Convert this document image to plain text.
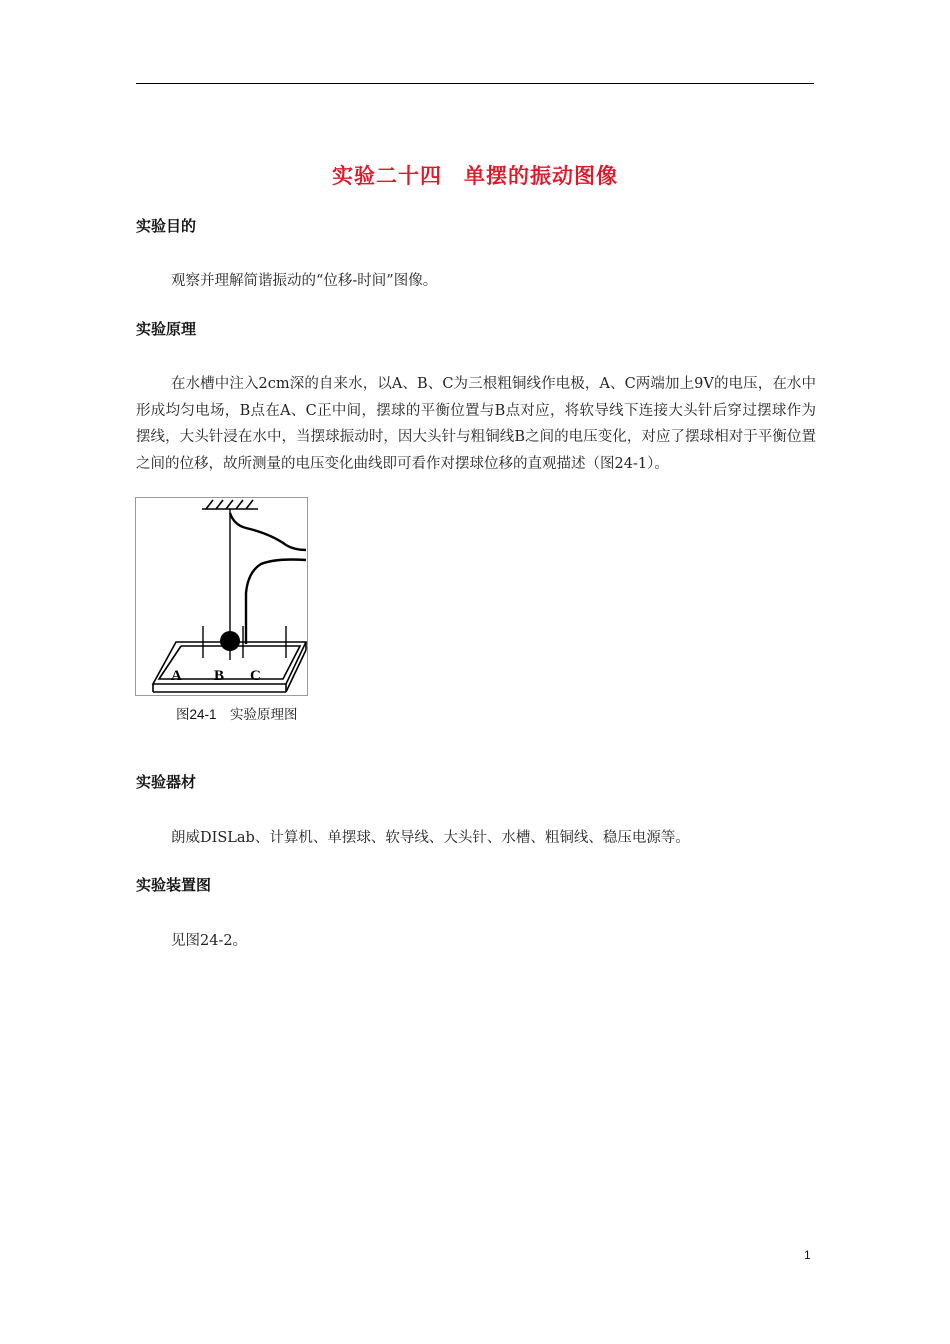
实验二十四　单摆的振动图像
实验目的
观察并理解简谐振动的“位移-时间”图像。
实验原理
在水槽中注入2cm深的自来水，以A、B、C为三根粗铜线作电极，A、C两端加上9V的电压，在水中形成均匀电场，B点在A、C正中间，摆球的平衡位置与B点对应，将软导线下连接大头针后穿过摆球作为摆线，大头针浸在水中，当摆球振动时，因大头针与粗铜线B之间的电压变化，对应了摆球相对于平衡位置之间的位移，故所测量的电压变化曲线即可看作对摆球位移的直观描述（图24-1）。
A B C
图24-1　实验原理图
实验器材
朗威DISLab、计算机、单摆球、软导线、大头针、水槽、粗铜线、稳压电源等。
实验装置图
见图24-2。
1
